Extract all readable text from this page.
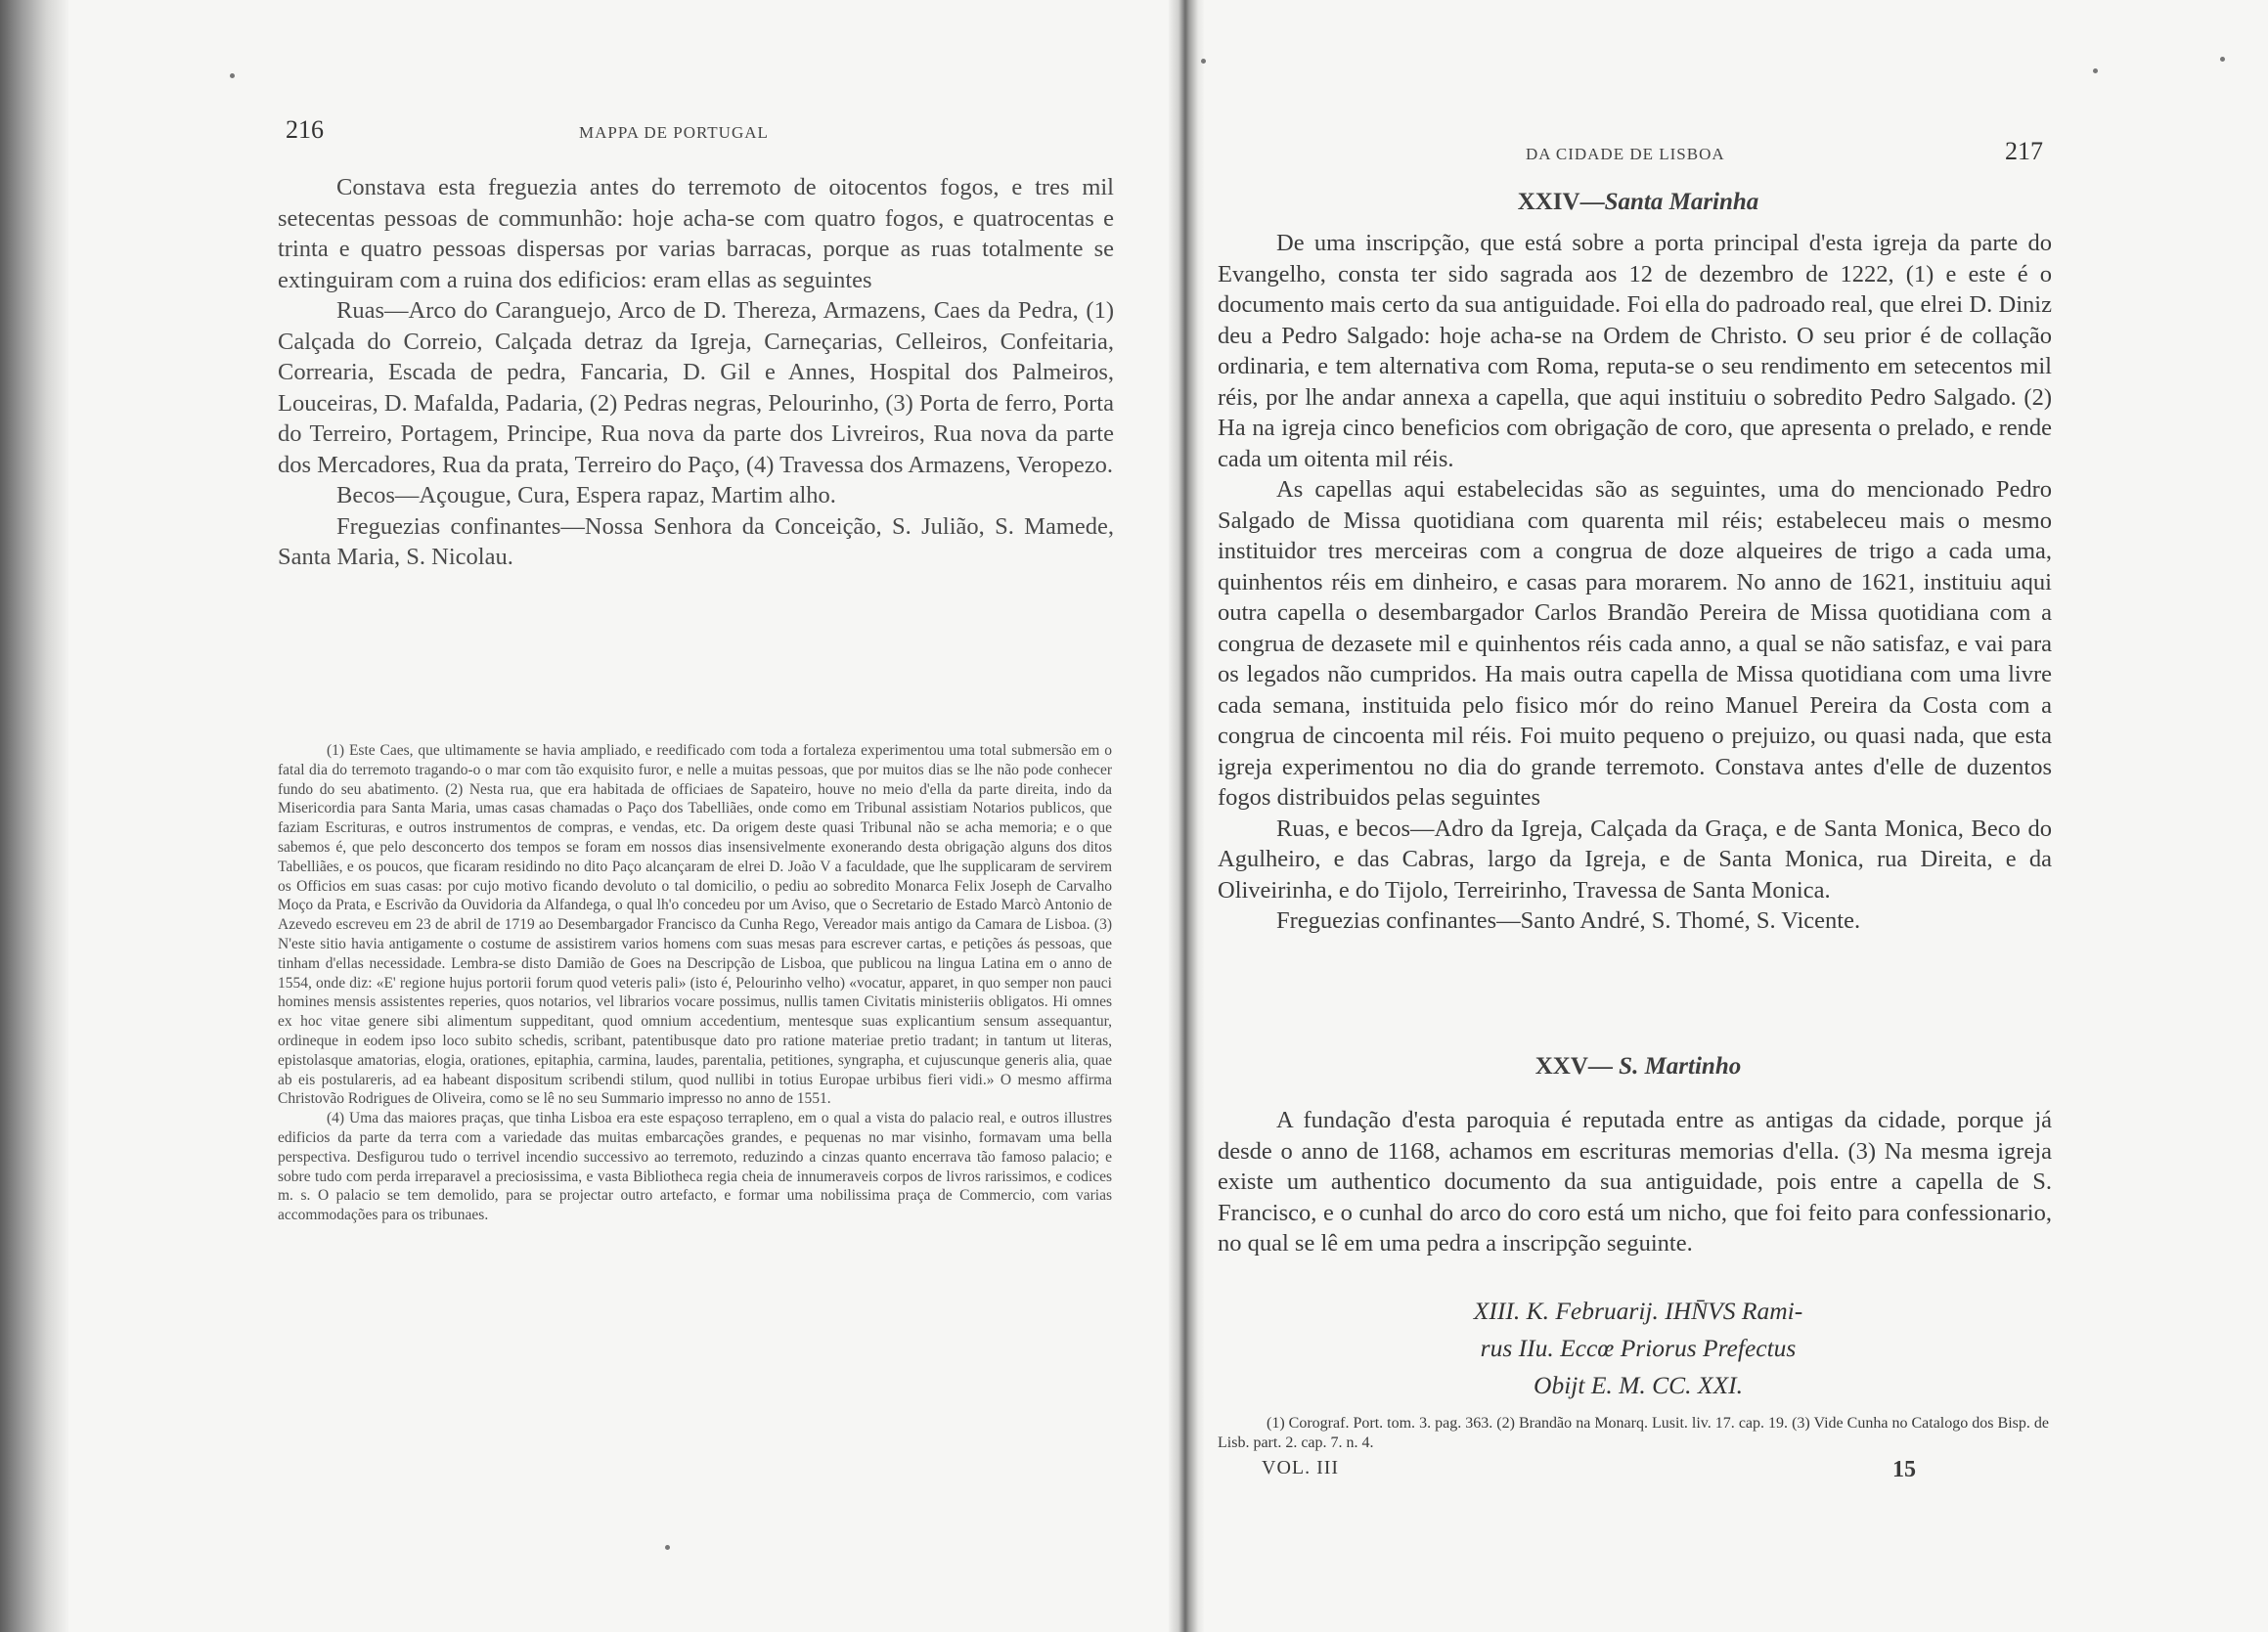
216	MAPPA DE PORTUGAL

Constava esta freguezia antes do terremoto de oitocentos fogos, e tres mil setecentas pessoas de communhão: hoje acha-se com quatro fogos, e quatrocentas e trinta e quatro pessoas dispersas por varias barracas, porque as ruas totalmente se extinguiram com a ruina dos edificios: eram ellas as seguintes

Ruas—Arco do Caranguejo, Arco de D. Thereza, Armazens, Caes da Pedra, (1) Calçada do Correio, Calçada detraz da Igreja, Carneçarias, Celleiros, Confeitaria, Correaria, Escada de pedra, Fancaria, D. Gil e Annes, Hospital dos Palmeiros, Louceiras, D. Mafalda, Padaria, (2) Pedras negras, Pelourinho, (3) Porta de ferro, Porta do Terreiro, Portagem, Principe, Rua nova da parte dos Livreiros, Rua nova da parte dos Mercadores, Rua da prata, Terreiro do Paço, (4) Travessa dos Armazens, Veropezo.

Becos—Açougue, Cura, Espera rapaz, Martim alho.

Freguezias confinantes—Nossa Senhora da Conceição, S. Julião, S. Mamede, Santa Maria, S. Nicolau.

(1) Este Caes, que ultimamente se havia ampliado, e reedificado com toda a fortaleza experimentou uma total submersão em o fatal dia do terremoto tragando-o o mar com tão exquisito furor, e nelle a muitas pessoas, que por muitos dias se lhe não pode conhecer fundo do seu abatimento. (2) Nesta rua, que era habitada de officiaes de Sapateiro, houve no meio d'ella da parte direita, indo da Misericordia para Santa Maria, umas casas chamadas o Paço dos Tabelliães, onde como em Tribunal assistiam Notarios publicos, que faziam Escrituras, e outros instrumentos de compras, e vendas, etc. Da origem deste quasi Tribunal não se acha memoria; e o que sabemos é, que pelo desconcerto dos tempos se foram em nossos dias insensivelmente exonerando desta obrigação alguns dos ditos Tabelliães, e os poucos, que ficaram residindo no dito Paço alcançaram de elrei D. João V a faculdade, que lhe supplicaram de servirem os Officios em suas casas: por cujo motivo ficando devoluto o tal domicilio, o pediu ao sobredito Monarca Felix Joseph de Carvalho Moço da Prata, e Escrivão da Ouvidoria da Alfandega, o qual lh'o concedeu por um Aviso, que o Secretario de Estado Marcò Antonio de Azevedo escreveu em 23 de abril de 1719 ao Desembargador Francisco da Cunha Rego, Vereador mais antigo da Camara de Lisboa. (3) N'este sitio havia antigamente o costume de assistirem varios homens com suas mesas para escrever cartas, e petições ás pessoas, que tinham d'ellas necessidade. Lembra-se disto Damião de Goes na Descripção de Lisboa, que publicou na lingua Latina em o anno de 1554, onde diz: «E' regione hujus portorii forum quod veteris pali» (isto é, Pelourinho velho) «vocatur, apparet, in quo semper non pauci homines mensis assistentes reperies, quos notarios, vel librarios vocare possimus, nullis tamen Civitatis ministeriis obligatos. Hi omnes ex hoc vitae genere sibi alimentum suppeditant, quod omnium accedentium, mentesque suas explicantium sensum assequantur, ordineque in eodem ipso loco subito schedis, scribant, patentibusque dato pro ratione materiae pretio tradant; in tantum ut literas, epistolasque amatorias, elogia, orationes, epitaphia, carmina, laudes, parentalia, petitiones, syngrapha, et cujuscunque generis alia, quae ab eis postulareris, ad ea habeant dispositum scribendi stilum, quod nullibi in totius Europae urbibus fieri vidi.» O mesmo affirma Christovão Rodrigues de Oliveira, como se lê no seu Summario impresso no anno de 1551.

(4) Uma das maiores praças, que tinha Lisboa era este espaçoso terrapleno, em o qual a vista do palacio real, e outros illustres edificios da parte da terra com a variedade das muitas embarcações grandes, e pequenas no mar visinho, formavam uma bella perspectiva. Desfigurou tudo o terrivel incendio successivo ao terremoto, reduzindo a cinzas quanto encerrava tão famoso palacio; e sobre tudo com perda irreparavel a preciosissima, e vasta Bibliotheca regia cheia de innumeraveis corpos de livros rarissimos, e codices m. s. O palacio se tem demolido, para se projectar outro artefacto, e formar uma nobilissima praça de Commercio, com varias accommodações para os tribunaes.

DA CIDADE DE LISBOA	217
XXIV—Santa Marinha

De uma inscripção, que está sobre a porta principal d'esta igreja da parte do Evangelho, consta ter sido sagrada aos 12 de dezembro de 1222, (1) e este é o documento mais certo da sua antiguidade. Foi ella do padroado real, que elrei D. Diniz deu a Pedro Salgado: hoje acha-se na Ordem de Christo. O seu prior é de collação ordinaria, e tem alternativa com Roma, reputa-se o seu rendimento em setecentos mil réis, por lhe andar annexa a capella, que aqui instituiu o sobredito Pedro Salgado. (2) Ha na igreja cinco beneficios com obrigação de coro, que apresenta o prelado, e rende cada um oitenta mil réis.

As capellas aqui estabelecidas são as seguintes, uma do mencionado Pedro Salgado de Missa quotidiana com quarenta mil réis; estabeleceu mais o mesmo instituidor tres merceiras com a congrua de doze alqueires de trigo a cada uma, quinhentos réis em dinheiro, e casas para morarem. No anno de 1621, instituiu aqui outra capella o desembargador Carlos Brandão Pereira de Missa quotidiana com a congrua de dezasete mil e quinhentos réis cada anno, a qual se não satisfaz, e vai para os legados não cumpridos. Ha mais outra capella de Missa quotidiana com uma livre cada semana, instituida pelo fisico mór do reino Manuel Pereira da Costa com a congrua de cincoenta mil réis. Foi muito pequeno o prejuizo, ou quasi nada, que esta igreja experimentou no dia do grande terremoto. Constava antes d'elle de duzentos fogos distribuidos pelas seguintes

Ruas, e becos—Adro da Igreja, Calçada da Graça, e de Santa Monica, Beco do Agulheiro, e das Cabras, largo da Igreja, e de Santa Monica, rua Direita, e da Oliveirinha, e do Tijolo, Terreirinho, Travessa de Santa Monica.

Freguezias confinantes—Santo André, S. Thomé, S. Vicente.

XXV— S. Martinho

A fundação d'esta paroquia é reputada entre as antigas da cidade, porque já desde o anno de 1168, achamos em escrituras memorias d'ella. (3) Na mesma igreja existe um authentico documento da sua antiguidade, pois entre a capella de S. Francisco, e o cunhal do arco do coro está um nicho, que foi feito para confessionario, no qual se lê em uma pedra a inscripção seguinte.

XIII. K. Februarij. IHN̄VS Rami-
rus IIu. Eccœ Priorus Prefectus
Obijt E. M. CC. XXI.

(1) Corograf. Port. tom. 3. pag. 363. (2) Brandão na Monarq. Lusit. liv. 17. cap. 19. (3) Vide Cunha no Catalogo dos Bisp. de Lisb. part. 2. cap. 7. n. 4.

VOL. III	15
